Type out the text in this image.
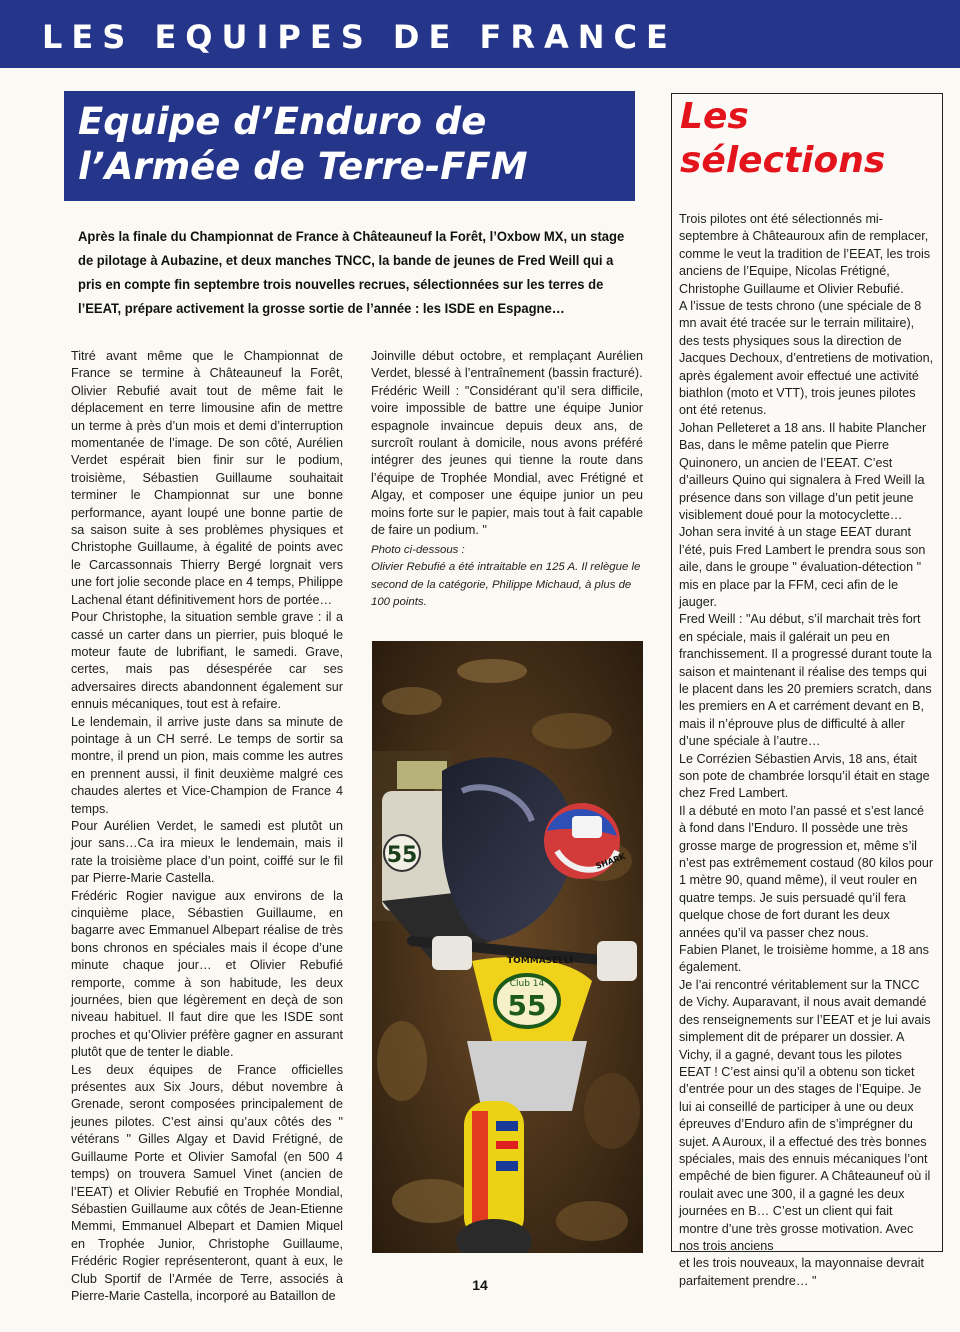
LES EQUIPES DE FRANCE
Equipe d’Enduro de
l’Armée de Terre-FFM
Après la finale du Championnat de France à Châteauneuf la Forêt, l’Oxbow MX, un stage de pilotage à Aubazine, et deux manches TNCC, la bande de jeunes de Fred Weill qui a pris en compte fin septembre trois nouvelles recrues, sélectionnées sur les terres de l’EEAT, prépare activement la grosse sortie de l’année : les ISDE en Espagne…

Titré avant même que le Championnat de France se termine à Châteauneuf la Forêt, Olivier Rebufié avait tout de même fait le déplacement en terre limousine afin de mettre un terme à près d’un mois et demi d’interruption momentanée de l’image. De son côté, Aurélien Verdet espérait bien finir sur le podium, troisième, Sébastien Guillaume souhaitait terminer le Championnat sur une bonne performance, ayant loupé une bonne partie de sa saison suite à ses problèmes physiques et Christophe Guillaume, à égalité de points avec le Carcassonnais Thierry Bergé lorgnait vers une fort jolie seconde place en 4 temps, Philippe Lachenal étant définitivement hors de portée…

Pour Christophe, la situation semble grave : il a cassé un carter dans un pierrier, puis bloqué le moteur faute de lubrifiant, le samedi. Grave, certes, mais pas désespérée car ses adversaires directs abandonnent également sur ennuis mécaniques, tout est à refaire.

Le lendemain, il arrive juste dans sa minute de pointage à un CH serré. Le temps de sortir sa montre, il prend un pion, mais comme les autres en prennent aussi, il finit deuxième malgré ces chaudes alertes et Vice-Champion de France 4 temps.

Pour Aurélien Verdet, le samedi est plutôt un jour sans…Ca ira mieux le lendemain, mais il rate la troisième place d’un point, coiffé sur le fil par Pierre-Marie Castella.

Frédéric Rogier navigue aux environs de la cinquième place, Sébastien Guillaume, en bagarre avec Emmanuel Albepart réalise de très bons chronos en spéciales mais il écope d’une minute chaque jour… et Olivier Rebufié remporte, comme à son habitude, les deux journées, bien que légèrement en deçà de son niveau habituel. Il faut dire que les ISDE sont proches et qu’Olivier préfère gagner en assurant plutôt que de tenter le diable.

Les deux équipes de France officielles présentes aux Six Jours, début novembre à Grenade, seront composées principalement de jeunes pilotes. C’est ainsi qu’aux côtés des " vétérans " Gilles Algay et David Frétigné, de Guillaume Porte et Olivier Samofal (en 500 4 temps) on trouvera Samuel Vinet (ancien de l’EEAT) et Olivier Rebufié en Trophée Mondial, Sébastien Guillaume aux côtés de Jean-Etienne Memmi, Emmanuel Albepart et Damien Miquel en Trophée Junior, Christophe Guillaume, Frédéric Rogier représenteront, quant à eux, le Club Sportif de l’Armée de Terre, associés à Pierre-Marie Castella, incorporé au Bataillon de

Joinville début octobre, et remplaçant Aurélien Verdet, blessé à l’entraînement (bassin fracturé).

Frédéric Weill : "Considérant qu’il sera difficile, voire impossible de battre une équipe Junior espagnole invaincue depuis deux ans, de surcroît roulant à domicile, nous avons préféré intégrer des jeunes qui tienne la route dans l’équipe de Trophée Mondial, avec Frétigné et Algay, et composer une équipe junior un peu moins forte sur le papier, mais tout à fait capable de faire un podium. "

Photo ci-dessous :

Olivier Rebufié a été intraitable en 125 A. Il relègue le second de la catégorie, Philippe Michaud, à plus de 100 points.

55	SHARK
TOMMASELLI
Club 14
55
Les
sélections

Trois pilotes ont été sélectionnés mi-septembre à Châteauroux afin de remplacer, comme le veut la tradition de l’EEAT, les trois anciens de l’Equipe, Nicolas Frétigné, Christophe Guillaume et Olivier Rebufié.

A l’issue de tests chrono (une spéciale de 8 mn avait été tracée sur le terrain militaire), des tests physiques sous la direction de Jacques Dechoux, d’entretiens de motivation, après également avoir effectué une activité biathlon (moto et VTT), trois jeunes pilotes ont été retenus.

Johan Pelleteret a 18 ans. Il habite Plancher Bas, dans le même patelin que Pierre Quinonero, un ancien de l’EEAT. C’est d’ailleurs Quino qui signalera à Fred Weill la présence dans son village d’un petit jeune visiblement doué pour la motocyclette… Johan sera invité à un stage EEAT durant l’été, puis Fred Lambert le prendra sous son aile, dans le groupe " évaluation-détection " mis en place par la FFM, ceci afin de le jauger.

Fred Weill : "Au début, s’il marchait très fort en spéciale, mais il galérait un peu en franchissement. Il a progressé durant toute la saison et maintenant il réalise des temps qui le placent dans les 20 premiers scratch, dans les premiers en A et carrément devant en B, mais il n’éprouve plus de difficulté à aller d’une spéciale à l’autre…

Le Corrézien Sébastien Arvis, 18 ans, était son pote de chambrée lorsqu’il était en stage chez Fred Lambert.

Il a débuté en moto l’an passé et s’est lancé à fond dans l’Enduro. Il possède une très grosse marge de progression et, même s’il n’est pas extrêmement costaud (80 kilos pour 1 mètre 90, quand même), il veut rouler en quatre temps. Je suis persuadé qu’il fera quelque chose de fort durant les deux années qu’il va passer chez nous.

Fabien Planet, le troisième homme, a 18 ans également.

Je l’ai rencontré véritablement sur la TNCC de Vichy. Auparavant, il nous avait demandé des renseignements sur l’EEAT et je lui avais simplement dit de préparer un dossier. A Vichy, il a gagné, devant tous les pilotes EEAT ! C’est ainsi qu’il a obtenu son ticket d’entrée pour un des stages de l’Equipe. Je lui ai conseillé de participer à une ou deux épreuves d’Enduro afin de s’imprégner du sujet. A Auroux, il a effectué des très bonnes spéciales, mais des ennuis mécaniques l’ont empêché de bien figurer. A Châteauneuf où il roulait avec une 300, il a gagné les deux journées en B… C’est un client qui fait montre d’une très grosse motivation. Avec nos trois anciens

et les trois nouveaux, la mayonnaise devrait parfaitement prendre… "

14
